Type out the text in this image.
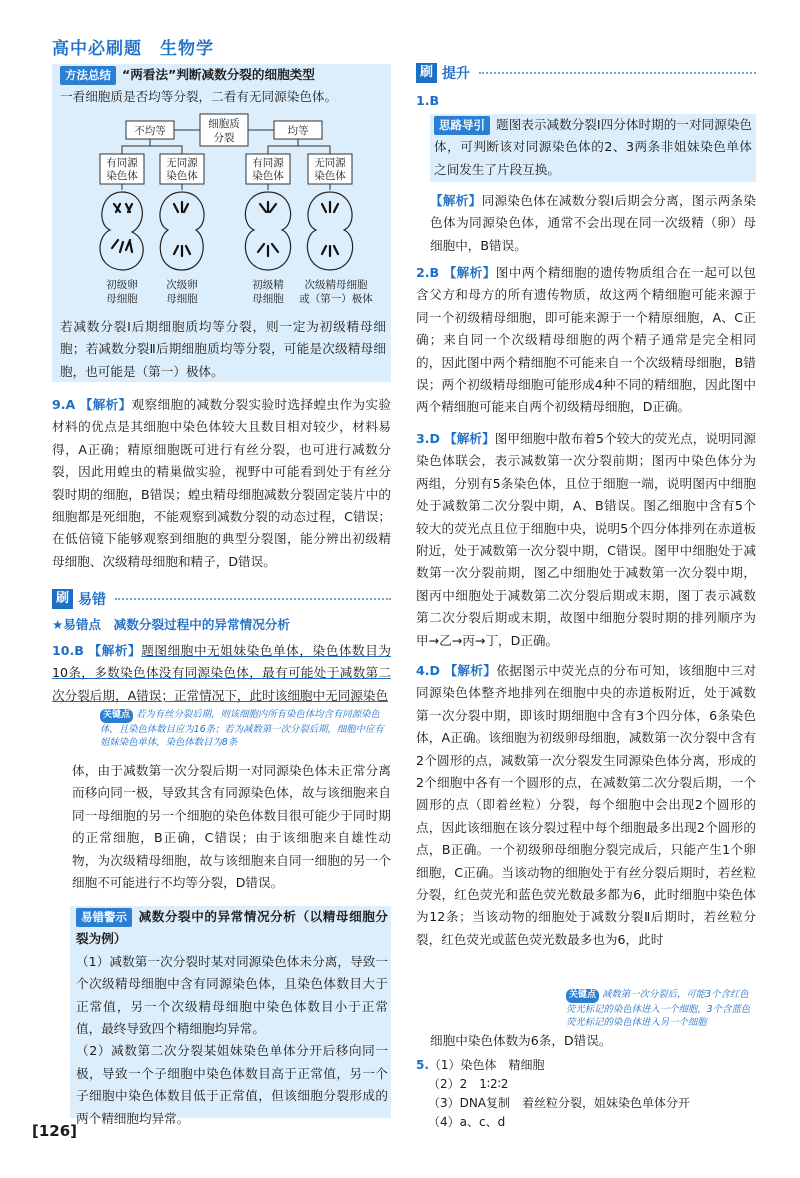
高中必刷题　生物学
方法总结 “两看法”判断减数分裂的细胞类型
一看细胞质是否均等分裂，二看有无同源染色体。
细胞质
分裂
不均等	均等
有同源
染色体
无同源
染色体
有同源
染色体
无同源
染色体
初级卵
母细胞
次级卵
母细胞
初级精
母细胞
次级精母细胞
或（第一）极体
若减数分裂Ⅰ后期细胞质均等分裂，则一定为初级精母细胞；若减数分裂Ⅱ后期细胞质均等分裂，可能是次级精母细胞，也可能是（第一）极体。
9.A 【解析】观察细胞的减数分裂实验时选择蝗虫作为实验材料的优点是其细胞中染色体较大且数目相对较少，材料易得，A正确；精原细胞既可进行有丝分裂，也可进行减数分裂，因此用蝗虫的精巢做实验，视野中可能看到处于有丝分裂时期的细胞，B错误；蝗虫精母细胞减数分裂固定装片中的细胞都是死细胞，不能观察到减数分裂的动态过程，C错误；在低倍镜下能够观察到细胞的典型分裂图，能分辨出初级精母细胞、次级精母细胞和精子，D错误。
刷 易错
★易错点　减数分裂过程中的异常情况分析
10.B 【解析】题图细胞中无姐妹染色单体，染色体数目为10条，多数染色体没有同源染色体，最有可能处于减数第二次分裂后期，A错误；正常情况下，此时该细胞中无同源染色
关键点 若为有丝分裂后期，则该细胞内所有染色体均含有同源染色体，且染色体数目应为16条；若为减数第一次分裂后期，细胞中应有姐妹染色单体，染色体数目为8条
体，由于减数第一次分裂后期一对同源染色体未正常分离而移向同一极，导致其含有同源染色体，故与该细胞来自同一母细胞的另一个细胞的染色体数目很可能少于同时期的正常细胞，B正确，C错误；由于该细胞来自雄性动物，为次级精母细胞，故与该细胞来自同一细胞的另一个细胞不可能进行不均等分裂，D错误。
易错警示 减数分裂中的异常情况分析（以精母细胞分裂为例）
（1）减数第一次分裂时某对同源染色体未分离，导致一个次级精母细胞中含有同源染色体，且染色体数目大于正常值，另一个次级精母细胞中染色体数目小于正常值，最终导致四个精细胞均异常。
（2）减数第二次分裂某姐妹染色单体分开后移向同一极，导致一个子细胞中染色体数目高于正常值，另一个子细胞中染色体数目低于正常值，但该细胞分裂形成的两个精细胞均异常。
[126]
刷 提升
1.B
思路导引 题图表示减数分裂Ⅰ四分体时期的一对同源染色体，可判断该对同源染色体的2、3两条非姐妹染色单体之间发生了片段互换。
【解析】同源染色体在减数分裂Ⅰ后期会分离，图示两条染色体为同源染色体，通常不会出现在同一次级精（卵）母细胞中，B错误。
2.B 【解析】图中两个精细胞的遗传物质组合在一起可以包含父方和母方的所有遗传物质，故这两个精细胞可能来源于同一个初级精母细胞，即可能来源于一个精原细胞，A、C正确；来自同一个次级精母细胞的两个精子通常是完全相同的，因此图中两个精细胞不可能来自一个次级精母细胞，B错误；两个初级精母细胞可能形成4种不同的精细胞，因此图中两个精细胞可能来自两个初级精母细胞，D正确。
3.D 【解析】图甲细胞中散布着5个较大的荧光点，说明同源染色体联会，表示减数第一次分裂前期；图丙中染色体分为两组，分别有5条染色体，且位于细胞一端，说明图丙中细胞处于减数第二次分裂中期，A、B错误。图乙细胞中含有5个较大的荧光点且位于细胞中央，说明5个四分体排列在赤道板附近，处于减数第一次分裂中期，C错误。图甲中细胞处于减数第一次分裂前期，图乙中细胞处于减数第一次分裂中期，图丙中细胞处于减数第二次分裂后期或末期，图丁表示减数第二次分裂后期或末期，故图中细胞分裂时期的排列顺序为甲→乙→丙→丁，D正确。
4.D 【解析】依据图示中荧光点的分布可知，该细胞中三对同源染色体整齐地排列在细胞中央的赤道板附近，处于减数第一次分裂中期，即该时期细胞中含有3个四分体，6条染色体，A正确。该细胞为初级卵母细胞，减数第一次分裂中含有2个圆形的点，减数第一次分裂发生同源染色体分离，形成的2个细胞中各有一个圆形的点，在减数第二次分裂后期，一个圆形的点（即着丝粒）分裂，每个细胞中会出现2个圆形的点，因此该细胞在该分裂过程中每个细胞最多出现2个圆形的点，B正确。一个初级卵母细胞分裂完成后，只能产生1个卵细胞，C正确。当该动物的细胞处于有丝分裂后期时，若丝粒分裂，红色荧光和蓝色荧光数最多都为6，此时细胞中染色体为12条；当该动物的细胞处于减数分裂Ⅱ后期时，若丝粒分裂，红色荧光或蓝色荧光数最多也为6，此时
关键点 减数第一次分裂后，可能3个含红色荧光标记的染色体进入一个细胞，3个含蓝色荧光标记的染色体进入另一个细胞
细胞中染色体数为6条，D错误。
5.（1）染色体　精细胞
（2）2　1∶2∶2
（3）DNA复制　着丝粒分裂，姐妹染色单体分开
（4）a、c、d
